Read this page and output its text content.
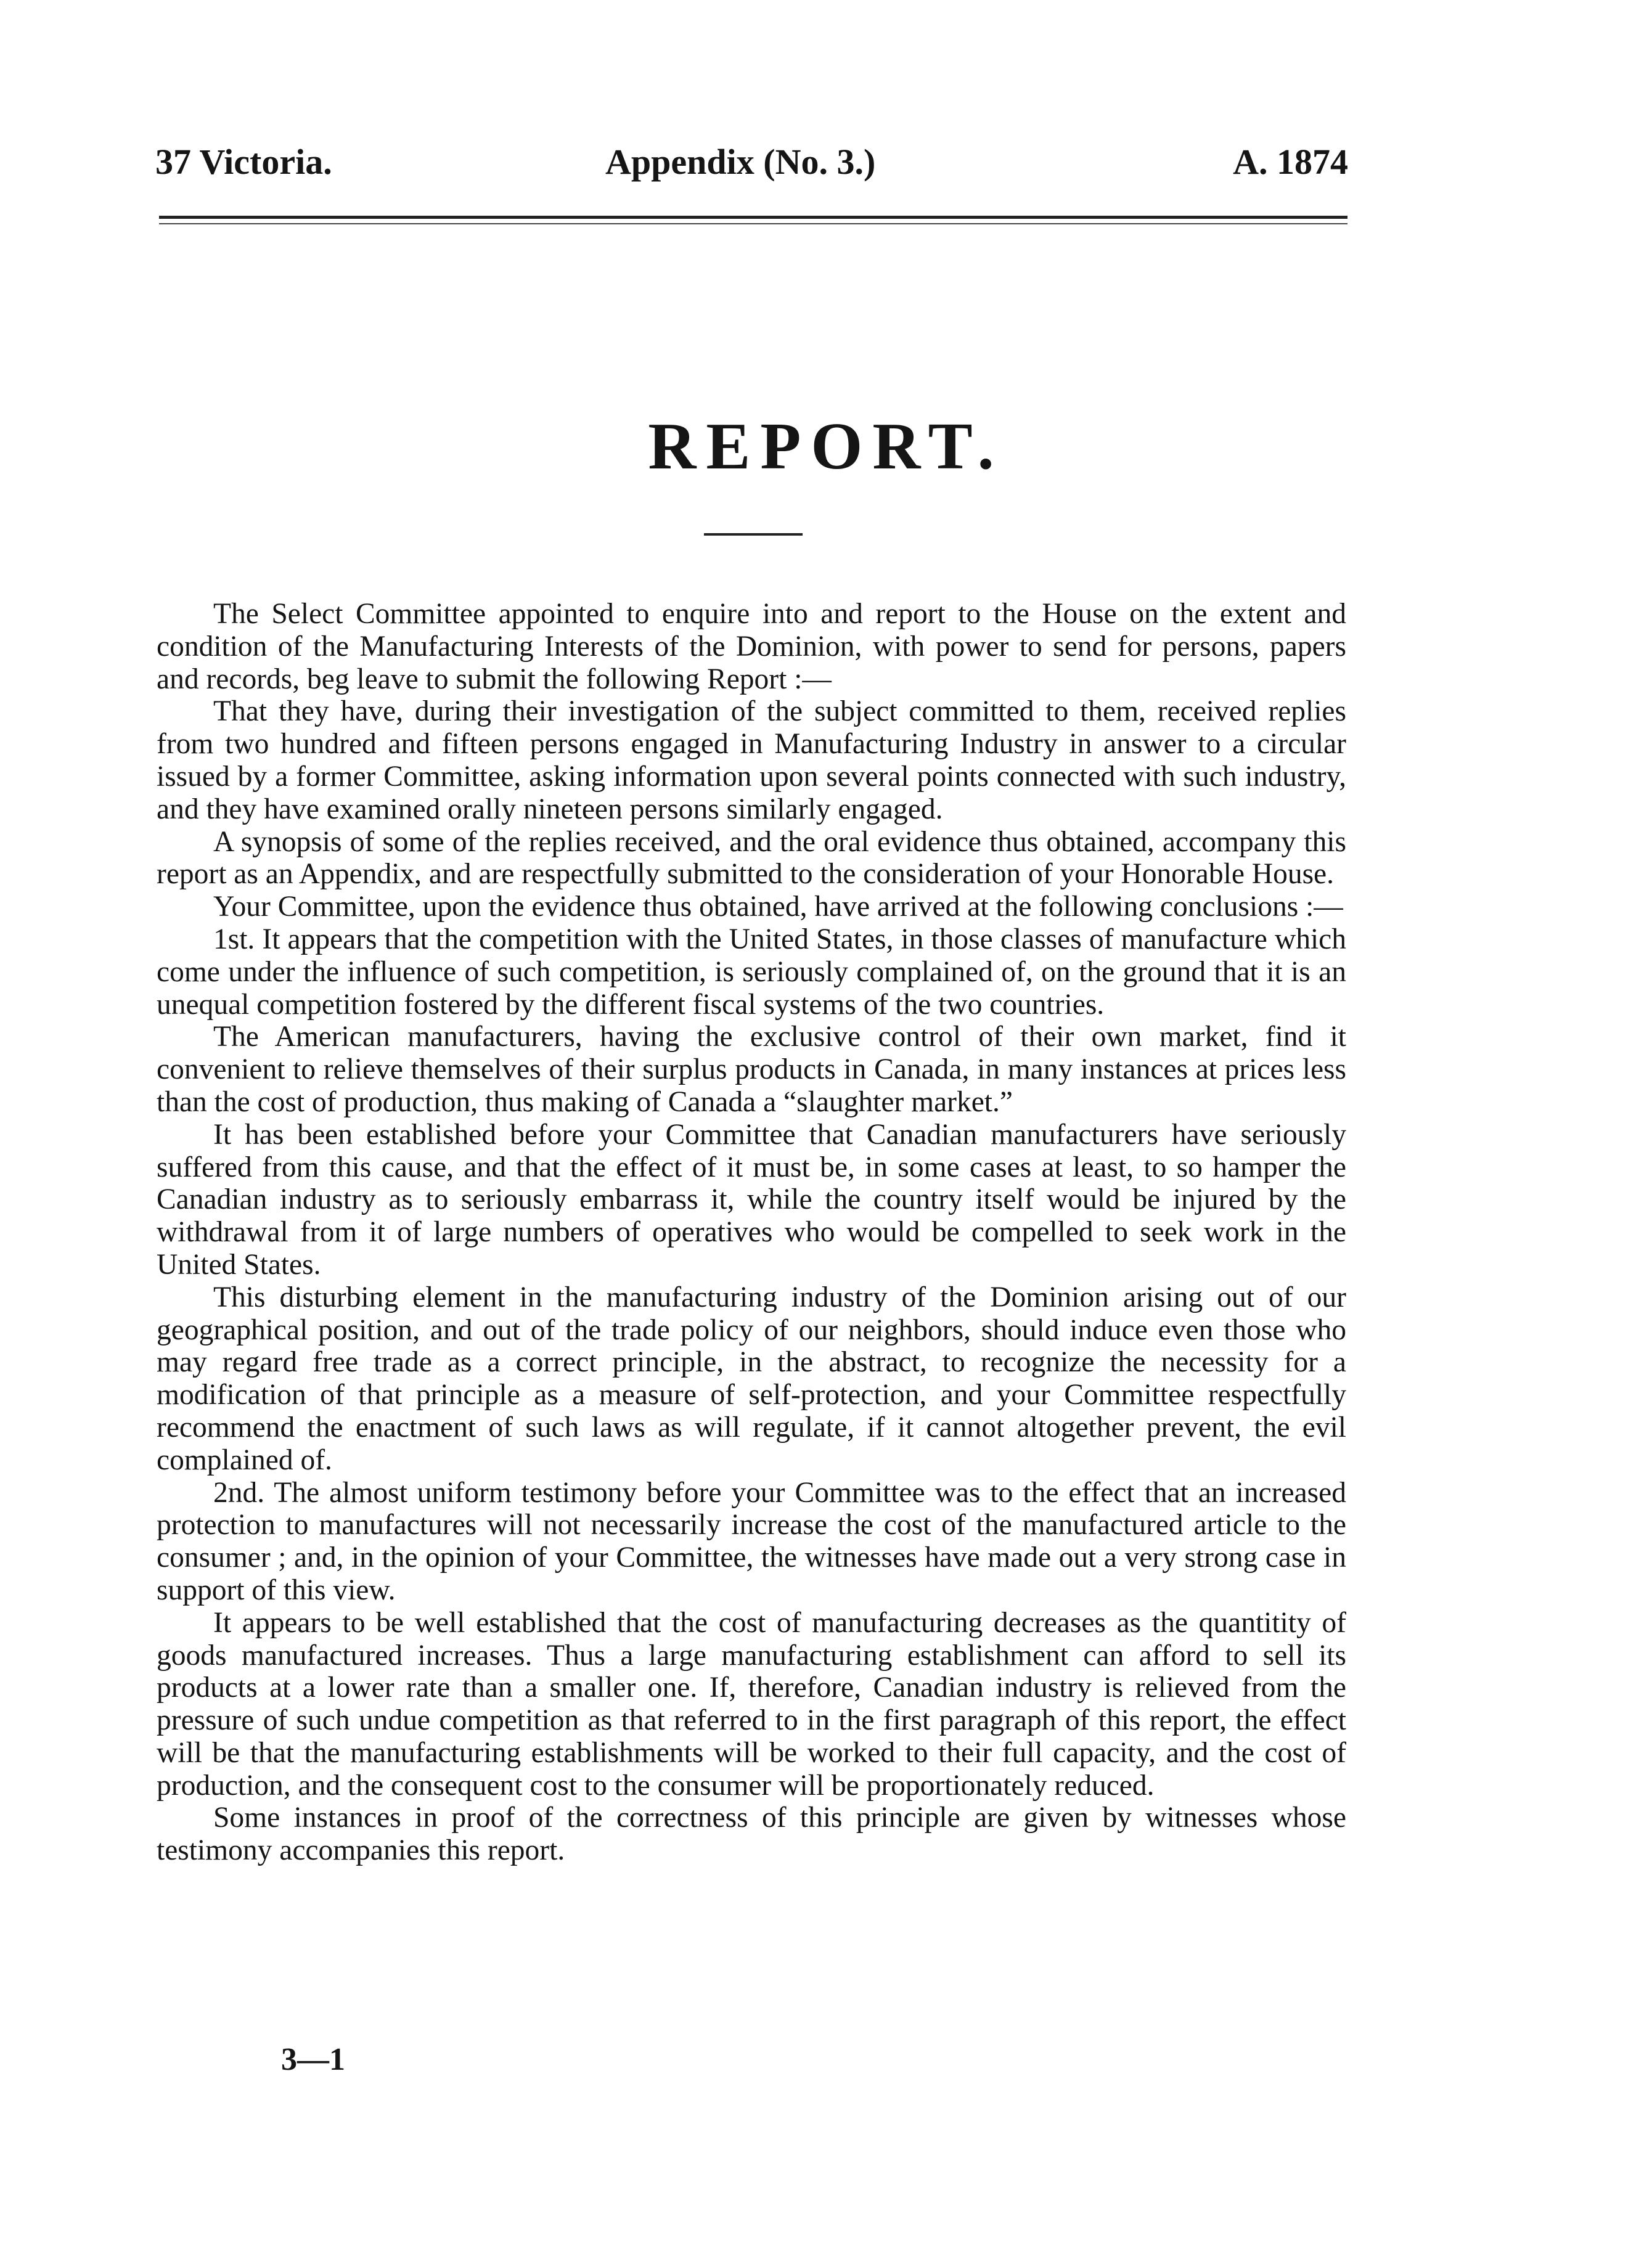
37 Victoria.	Appendix (No. 3.)	A. 1874
REPORT.

The Select Committee appointed to enquire into and report to the House on the extent and condition of the Manufacturing Interests of the Dominion, with power to send for persons, papers and records, beg leave to submit the following Report :—

That they have, during their investigation of the subject committed to them, received replies from two hundred and fifteen persons engaged in Manufacturing Industry in answer to a circular issued by a former Committee, asking information upon several points connected with such industry, and they have examined orally nineteen persons similarly engaged.

A synopsis of some of the replies received, and the oral evidence thus obtained, accompany this report as an Appendix, and are respectfully submitted to the consideration of your Honorable House.

Your Committee, upon the evidence thus obtained, have arrived at the following conclusions :—

1st. It appears that the competition with the United States, in those classes of manufacture which come under the influence of such competition, is seriously complained of, on the ground that it is an unequal competition fostered by the different fiscal systems of the two countries.

The American manufacturers, having the exclusive control of their own market, find it convenient to relieve themselves of their surplus products in Canada, in many instances at prices less than the cost of production, thus making of Canada a “slaughter market.”

It has been established before your Committee that Canadian manufacturers have seriously suffered from this cause, and that the effect of it must be, in some cases at least, to so hamper the Canadian industry as to seriously embarrass it, while the country itself would be injured by the withdrawal from it of large numbers of operatives who would be compelled to seek work in the United States.

This disturbing element in the manufacturing industry of the Dominion arising out of our geographical position, and out of the trade policy of our neighbors, should induce even those who may regard free trade as a correct principle, in the abstract, to recognize the necessity for a modification of that principle as a measure of self-protection, and your Committee respectfully recommend the enactment of such laws as will regulate, if it cannot altogether prevent, the evil complained of.

2nd. The almost uniform testimony before your Committee was to the effect that an increased protection to manufactures will not necessarily increase the cost of the manufactured article to the consumer ; and, in the opinion of your Committee, the witnesses have made out a very strong case in support of this view.

It appears to be well established that the cost of manufacturing decreases as the quantitity of goods manufactured increases. Thus a large manufacturing establishment can afford to sell its products at a lower rate than a smaller one. If, therefore, Canadian industry is relieved from the pressure of such undue competition as that referred to in the first paragraph of this report, the effect will be that the manufacturing establishments will be worked to their full capacity, and the cost of production, and the consequent cost to the consumer will be proportionately reduced.

Some instances in proof of the correctness of this principle are given by witnesses whose testimony accompanies this report.

3—1
